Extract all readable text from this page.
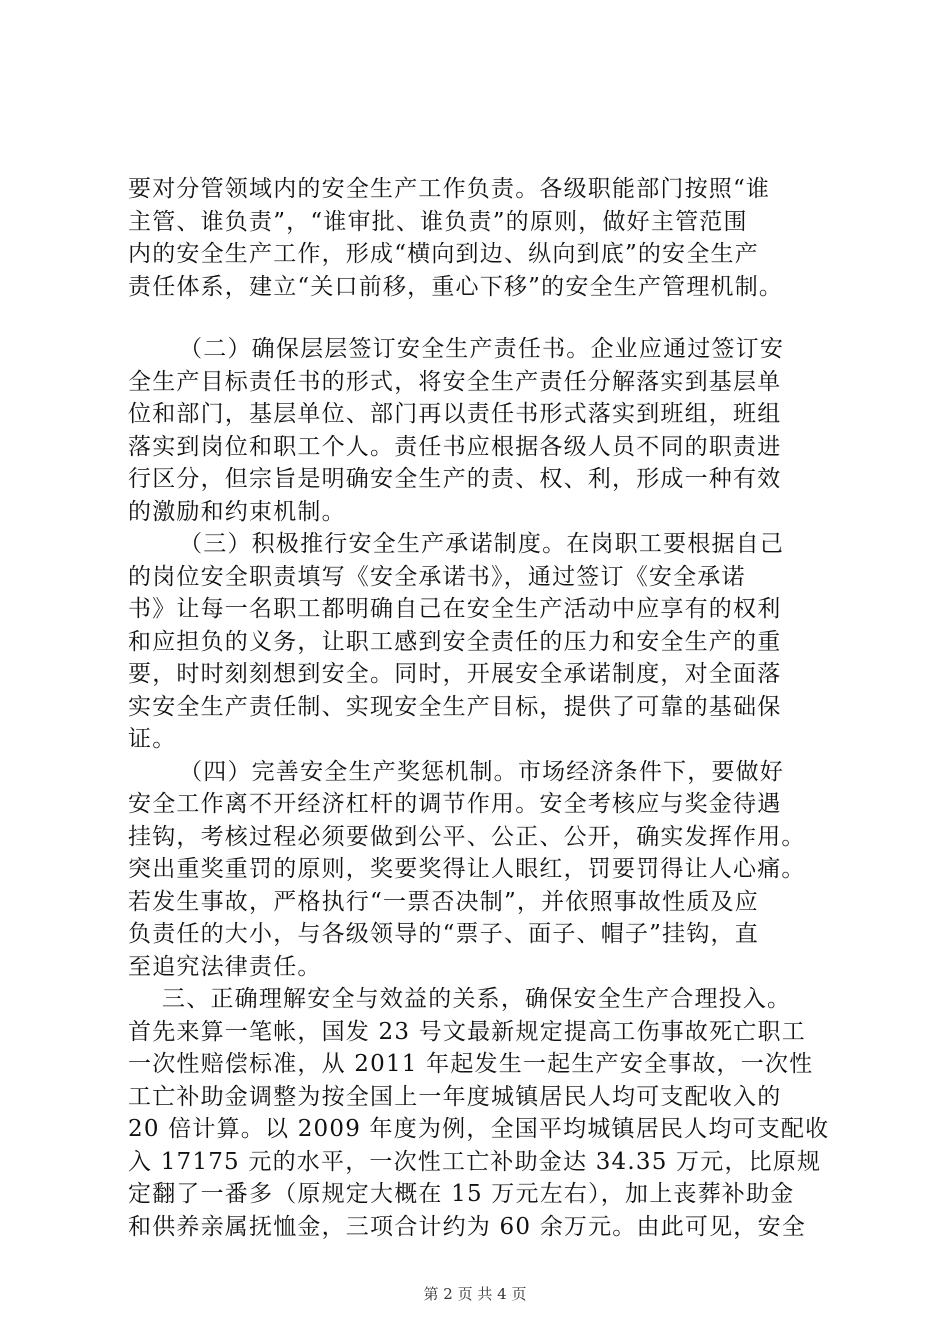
要对分管领域内的安全生产工作负责。各级职能部门按照“谁
主管、谁负责”，“谁审批、谁负责”的原则，做好主管范围
内的安全生产工作，形成“横向到边、纵向到底”的安全生产
责任体系，建立“关口前移，重心下移”的安全生产管理机制。
（二）确保层层签订安全生产责任书。企业应通过签订安
全生产目标责任书的形式，将安全生产责任分解落实到基层单
位和部门，基层单位、部门再以责任书形式落实到班组，班组
落实到岗位和职工个人。责任书应根据各级人员不同的职责进
行区分，但宗旨是明确安全生产的责、权、利，形成一种有效
的激励和约束机制。
（三）积极推行安全生产承诺制度。在岗职工要根据自己
的岗位安全职责填写《安全承诺书》，通过签订《安全承诺
书》让每一名职工都明确自己在安全生产活动中应享有的权利
和应担负的义务，让职工感到安全责任的压力和安全生产的重
要，时时刻刻想到安全。同时，开展安全承诺制度，对全面落
实安全生产责任制、实现安全生产目标，提供了可靠的基础保
证。
（四）完善安全生产奖惩机制。市场经济条件下，要做好
安全工作离不开经济杠杆的调节作用。安全考核应与奖金待遇
挂钩，考核过程必须要做到公平、公正、公开，确实发挥作用。
突出重奖重罚的原则，奖要奖得让人眼红，罚要罚得让人心痛。
若发生事故，严格执行“一票否决制”，并依照事故性质及应
负责任的大小，与各级领导的“票子、面子、帽子”挂钩，直
至追究法律责任。
三、正确理解安全与效益的关系，确保安全生产合理投入。
首先来算一笔帐，国发 23 号文最新规定提高工伤事故死亡职工
一次性赔偿标准，从 2011 年起发生一起生产安全事故，一次性
工亡补助金调整为按全国上一年度城镇居民人均可支配收入的
20 倍计算。以 2009 年度为例，全国平均城镇居民人均可支配收
入 17175 元的水平，一次性工亡补助金达 34.35 万元，比原规
定翻了一番多（原规定大概在 15 万元左右），加上丧葬补助金
和供养亲属抚恤金，三项合计约为 60 余万元。由此可见，安全
第 2 页 共 4 页
